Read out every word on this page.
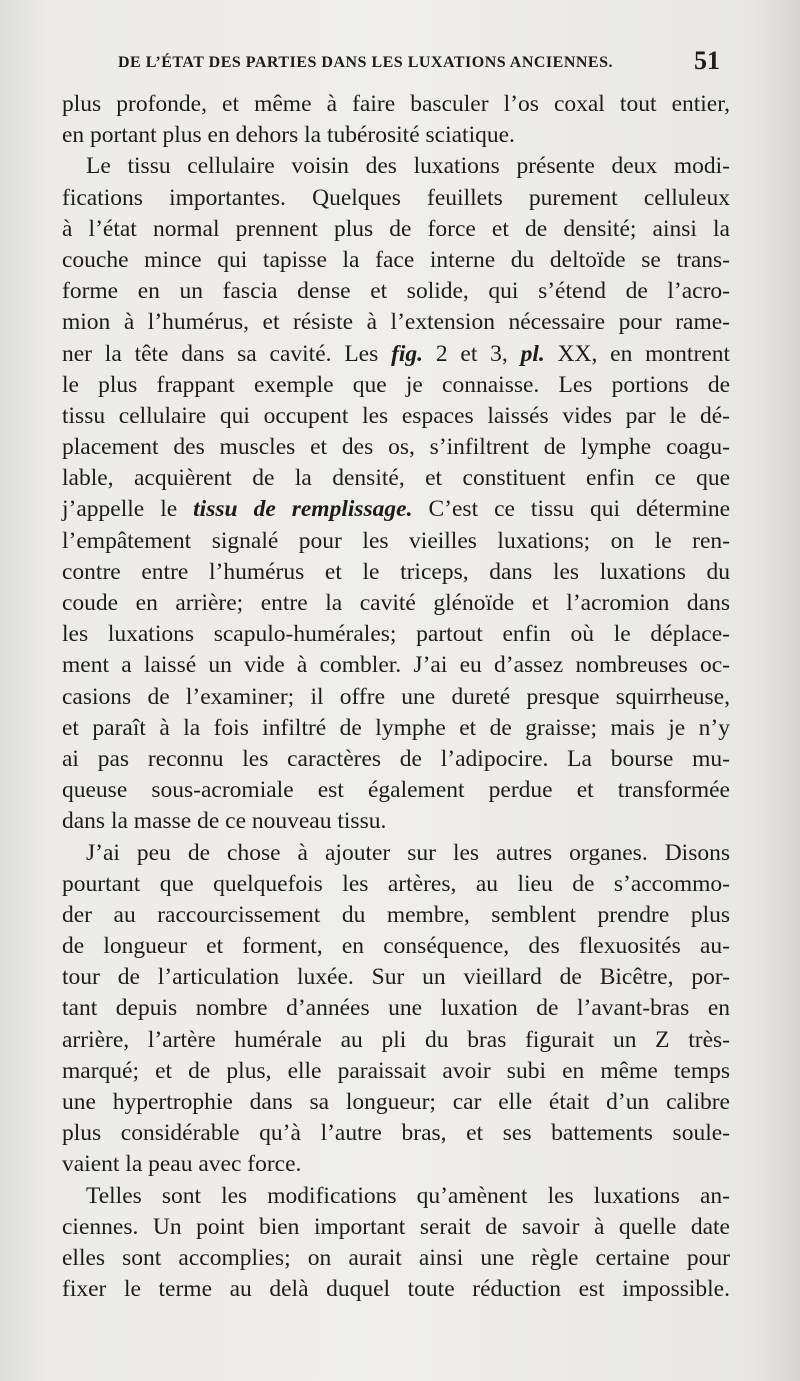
DE L’ÉTAT DES PARTIES DANS LES LUXATIONS ANCIENNES.	51
plus profonde, et même à faire basculer l’os coxal tout entier,
en portant plus en dehors la tubérosité sciatique.
Le tissu cellulaire voisin des luxations présente deux modi-
fications importantes. Quelques feuillets purement celluleux
à l’état normal prennent plus de force et de densité; ainsi la
couche mince qui tapisse la face interne du deltoïde se trans-
forme en un fascia dense et solide, qui s’étend de l’acro-
mion à l’humérus, et résiste à l’extension nécessaire pour rame-
ner la tête dans sa cavité. Les fig. 2 et 3, pl. XX, en montrent
le plus frappant exemple que je connaisse. Les portions de
tissu cellulaire qui occupent les espaces laissés vides par le dé-
placement des muscles et des os, s’infiltrent de lymphe coagu-
lable, acquièrent de la densité, et constituent enfin ce que
j’appelle le tissu de remplissage. C’est ce tissu qui détermine
l’empâtement signalé pour les vieilles luxations; on le ren-
contre entre l’humérus et le triceps, dans les luxations du
coude en arrière; entre la cavité glénoïde et l’acromion dans
les luxations scapulo-humérales; partout enfin où le déplace-
ment a laissé un vide à combler. J’ai eu d’assez nombreuses oc-
casions de l’examiner; il offre une dureté presque squirrheuse,
et paraît à la fois infiltré de lymphe et de graisse; mais je n’y
ai pas reconnu les caractères de l’adipocire. La bourse mu-
queuse sous-acromiale est également perdue et transformée
dans la masse de ce nouveau tissu.
J’ai peu de chose à ajouter sur les autres organes. Disons
pourtant que quelquefois les artères, au lieu de s’accommo-
der au raccourcissement du membre, semblent prendre plus
de longueur et forment, en conséquence, des flexuosités au-
tour de l’articulation luxée. Sur un vieillard de Bicêtre, por-
tant depuis nombre d’années une luxation de l’avant-bras en
arrière, l’artère humérale au pli du bras figurait un Z très-
marqué; et de plus, elle paraissait avoir subi en même temps
une hypertrophie dans sa longueur; car elle était d’un calibre
plus considérable qu’à l’autre bras, et ses battements soule-
vaient la peau avec force.
Telles sont les modifications qu’amènent les luxations an-
ciennes. Un point bien important serait de savoir à quelle date
elles sont accomplies; on aurait ainsi une règle certaine pour
fixer le terme au delà duquel toute réduction est impossible.
